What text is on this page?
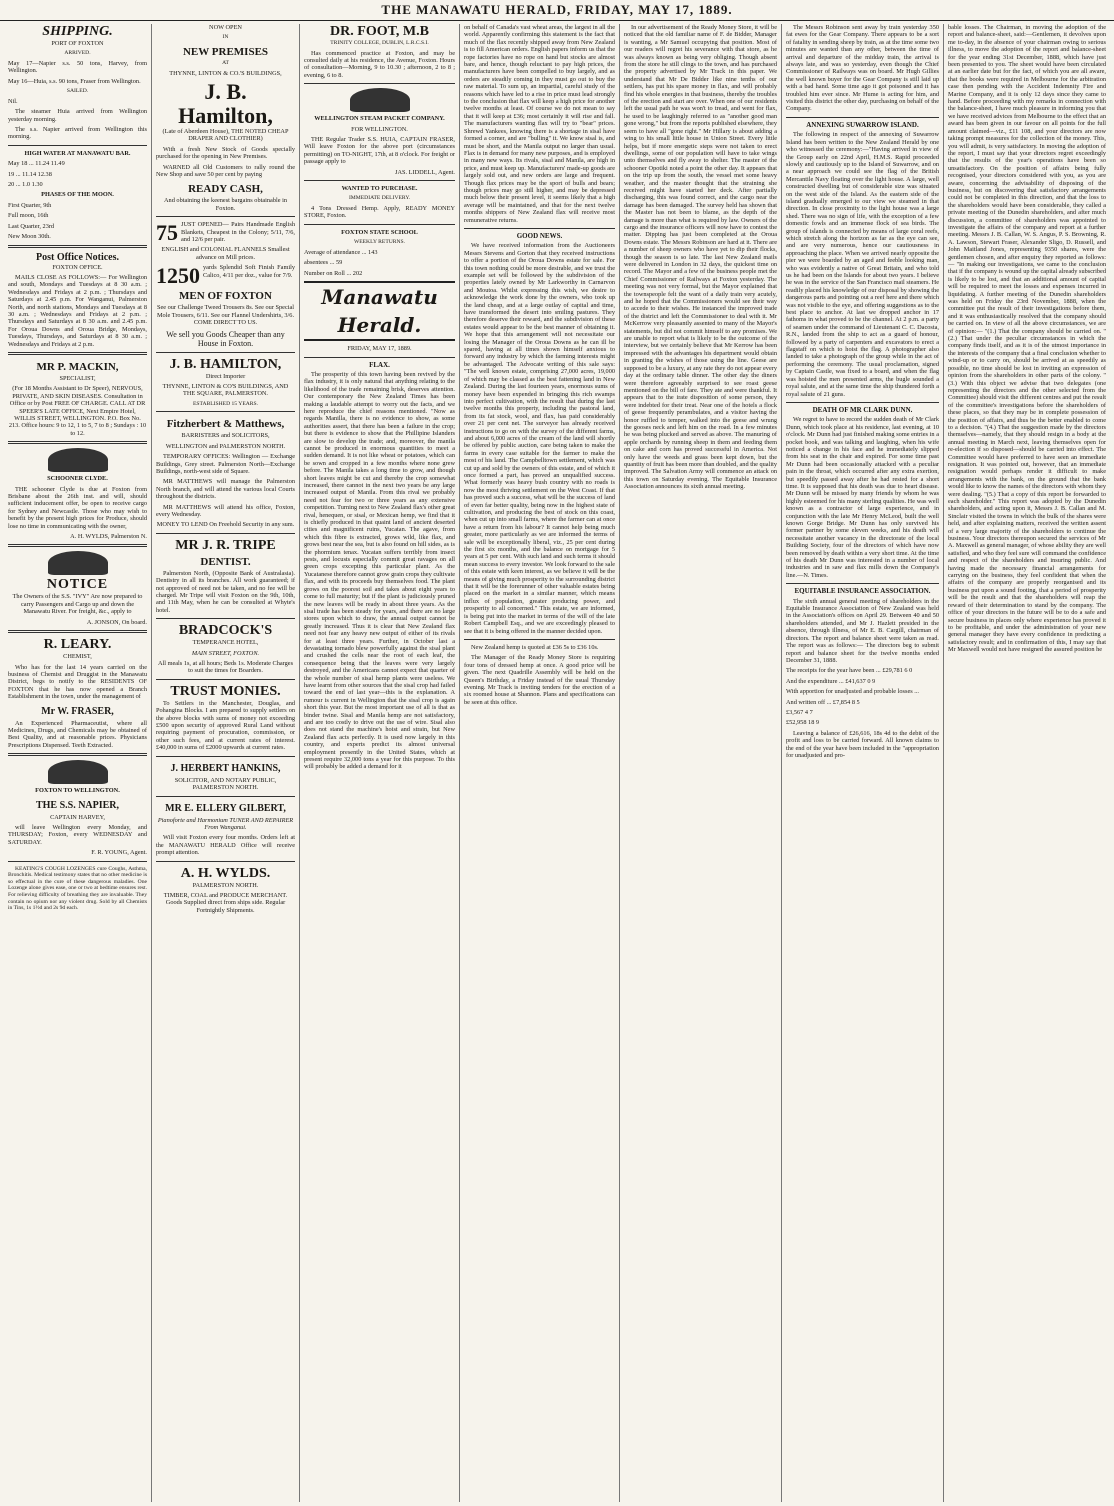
THE MANAWATU HERALD, FRIDAY, MAY 17, 1889.
SHIPPING.

PORT OF FOXTON

ARRIVED.

May 17—Napier s.s. 50 tons, Harvey, from Wellington.

May 16—Huia, s.s. 90 tons, Fraser from Wellington.

SAILED.

Nil.

The steamer Huia arrived from Wellington yesterday morning.

The s.s. Napier arrived from Wellington this morning.

HIGH WATER AT MANAWATU BAR.

May 18 ... 11.24 11.49

19 ... 11.14 12.38

20 ... 1.0 1.30

PHASES OF THE MOON.

First Quarter, 9th

Full moon, 16th

Last Quarter, 23rd

New Moon 30th.

Post Office Notices.

FOXTON OFFICE.

MAILS CLOSE AS FOLLOWS:— For Wellington and south, Mondays and Tuesdays at 8 30 a.m. ; Wednesdays and Fridays at 2 p.m. ; Thursdays and Saturdays at 2.45 p.m. For Wanganui, Palmerston North, and north stations, Mondays and Tuesdays at 8 30 a.m. ; Wednesdays and Fridays at 2 p.m. ; Thursdays and Saturdays at 8 30 a.m. and 2.45 p.m. For Oroua Downs and Oroua Bridge, Mondays, Tuesdays, Thursdays, and Saturdays at 8 30 a.m. ; Wednesdays and Fridays at 2 p.m.

MR P. MACKIN,

SPECIALIST,

(For 18 Months Assistant to Dr Speer), NERVOUS, PRIVATE, AND SKIN DISEASES. Consultation in Office or by Post FREE OF CHARGE. CALL AT DR SPEER'S LATE OFFICE, Next Empire Hotel, WILLIS STREET, WELLINGTON. P.O. Box No. 213. Office hours: 9 to 12, 1 to 5, 7 to 8 ; Sundays : 10 to 12.

SCHOONER CLYDE.

THE schooner Clyde is due at Foxton from Brisbane about the 26th inst. and will, should sufficient inducement offer, be open to receive cargo for Sydney and Newcastle. Those who may wish to benefit by the present high prices for Produce, should lose no time in communicating with the owner,

A. H. WYLDS, Palmerston N.

NOTICE

The Owners of the S.S. "IVY" Are now prepared to carry Passengers and Cargo up and down the Manawatu River. For freight, &c., apply to

A. JONSON, On board.

R. LEARY.

CHEMIST,

Who has for the last 14 years carried on the business of Chemist and Druggist in the Manawatu District, begs to notify to the RESIDENTS OF FOXTON that he has now opened a Branch Establishment in the town, under the management of

Mr W. FRASER,

An Experienced Pharmaceutist, where all Medicines, Drugs, and Chemicals may be obtained of Best Quality, and at reasonable prices. Physicians Prescriptions Dispensed. Teeth Extracted.

FOXTON TO WELLINGTON.

THE S.S. NAPIER,

CAPTAIN HARVEY,

will leave Wellington every Monday, and THURSDAY; Foxton, every WEDNESDAY and SATURDAY.

F. R. YOUNG, Agent.

KEATING'S COUGH LOZENGES cure Coughs, Asthma, Bronchitis. Medical testimony states that no other medicine is so effectual in the cure of these dangerous maladies. One Lozenge alone gives ease, one or two at bedtime ensures rest. For relieving difficulty of breathing they are invaluable. They contain no opium nor any violent drug. Sold by all Chemists in Tins, 1s 1½d and 2s 9d each.

NOW OPEN

IN

NEW PREMISES

AT

THYNNE, LINTON & CO.'S BUILDINGS,

J. B. Hamilton,

(Late of Aberdeen House), THE NOTED CHEAP DRAPER AND CLOTHIER)

With a fresh New Stock of Goods specially purchased for the opening in New Premises.

WARNED all Old Customers to rally round the New Shop and save 50 per cent by paying

READY CASH,

And obtaining the keenest bargains obtainable in Foxton.

75 JUST OPENED— Pairs Handmade English Blankets, Cheapest in the Colony; 5/11, 7/6, and 12/6 per pair.

ENGLISH and COLONIAL FLANNELS Smallest advance on Mill prices.

1250 yards Splendid Soft Finish Family Calico, 4/11 per doz., value for 7/9.

MEN OF FOXTON

See our Challenge Tweed Trousers 8s. See our Special Mole Trousers, 6/11. See our Flannel Undershirts, 3/6. COME DIRECT TO US.

We sell you Goods Cheaper than any House in Foxton.

J. B. HAMILTON,

Direct Importer

THYNNE, LINTON & CO'S BUILDINGS, AND THE SQUARE, PALMERSTON.

ESTABLISHED 15 YEARS.

Fitzherbert & Matthews,

BARRISTERS and SOLICITORS,

WELLINGTON and PALMERSTON NORTH.

TEMPORARY OFFICES: Wellington — Exchange Buildings, Grey street. Palmerston North—Exchange Buildings, north-west side of Square.

MR MATTHEWS will manage the Palmerston North branch, and will attend the various local Courts throughout the districts.

MR MATTHEWS will attend his office, Foxton, every Wednesday.

MONEY TO LEND On Freehold Security in any sum.

MR J. R. TRIPE
DENTIST.

Palmerston North, (Opposite Bank of Australasia). Dentistry in all its branches. All work guaranteed; if not approved of need not be taken, and no fee will be charged. Mr Tripe will visit Foxton on the 9th, 10th, and 11th May, when he can be consulted at Whyte's hotel.

BRADCOCK'S

TEMPERANCE HOTEL,

MAIN STREET, FOXTON.

All meals 1s, at all hours; Beds 1s. Moderate Charges to suit the times for Boarders.

TRUST MONIES.

To Settlers in the Manchester, Douglas, and Pohangina Blocks. I am prepared to supply settlers on the above blocks with sums of money not exceeding £500 upon security of approved Rural Land without requiring payment of procuration, commission, or other such fees, and at current rates of interest. £40,000 in sums of £2000 upwards at current rates.

J. HERBERT HANKINS,

SOLICITOR, AND NOTARY PUBLIC, PALMERSTON NORTH.

MR E. ELLERY GILBERT,

Pianoforte and Harmonium TUNER AND REPAIRER From Wanganui.

Will visit Foxton every four months. Orders left at the MANAWATU HERALD Office will receive prompt attention.

A. H. WYLDS.

PALMERSTON NORTH.

TIMBER, COAL and PRODUCE MERCHANT. Goods Supplied direct from ships side. Regular Fortnightly Shipments.

DR. FOOT, M.B

TRINITY COLLEGE, DUBLIN, L.R.C.S.I.

Has commenced practice at Foxton, and may be consulted daily at his residence, the Avenue, Foxton. Hours of consultation—Morning, 9 to 10.30 ; afternoon, 2 to 8 ; evening, 6 to 8.

WELLINGTON STEAM PACKET COMPANY.

FOR WELLINGTON.

THE Regular Trader S.S. HUIA, CAPTAIN FRASER, Will leave Foxton for the above port (circumstances permitting) on TO-NIGHT, 17th, at 8 o'clock. For freight or passage apply to

JAS. LIDDELL, Agent.

WANTED TO PURCHASE.

IMMEDIATE DELIVERY.

4 Tons Dressed Hemp. Apply, READY MONEY STORE, Foxton.

FOXTON STATE SCHOOL

WEEKLY RETURNS.

Average of attendance ... 143

absentees ... 59

Number on Roll ... 202

Manawatu Herald.

FRIDAY, MAY 17, 1889.

FLAX.

The prosperity of this town having been revived by the flax industry, it is only natural that anything relating to the likelihood of the trade remaining brisk, deserves attention. Our contemporary the New Zealand Times has been making a laudable attempt to worry out the facts, and we here reproduce the chief reasons mentioned. "Now as regards Manilla, there is no evidence to show, as some authorities assert, that there has been a failure in the crop; but there is evidence to show that the Phillipine Islanders are slow to develop the trade; and, moreover, the manila cannot be produced in enormous quantities to meet a sudden demand. It is not like wheat or potatoes, which can be sown and cropped in a few months where none grew before. The Manila takes a long time to grow, and though short leaves might be cut and thereby the crop somewhat increased, there cannot in the next two years be any large increased output of Manila. From this rival we probably need not fear for two or three years as any extensive competition. Turning next to New Zealand flax's other great rival, henequen, or sisal, or Mexican hemp, we find that it is chiefly produced in that quaint land of ancient deserted cities and magnificent ruins, Yucatan. The agave, from which this fibre is extracted, grows wild, like flax, and grows best near the sea, but is also found on hill sides, as is the phormium tenax. Yucatan suffers terribly from insect pests, and locusts especially commit great ravages on all green crops excepting this particular plant. As the Yucatanese therefore cannot grow grain crops they cultivate flax, and with its proceeds buy themselves food. The plant grows on the poorest soil and takes about eight years to come to full maturity; but if the plant is judiciously pruned the new leaves will be ready in about three years. As the sisal trade has been steady for years, and there are no large stores upon which to draw, the annual output cannot be greatly increased. Thus it is clear that New Zealand flax need not fear any heavy new output of either of its rivals for at least three years. Further, in October last a devastating tornado blew powerfully against the sisal plant and crushed the cells near the root of each leaf, the consequence being that the leaves were very largely destroyed, and the Americans cannot expect that quarter of the whole number of sisal hemp plants were useless. We have learnt from other sources that the sisal crop had failed toward the end of last year—this is the explanation. A rumour is current in Wellington that the sisal crop is again short this year. But the most important use of all is that as binder twine. Sisal and Manila hemp are not satisfactory, and are too costly to drive out the use of wire. Sisal also does not stand the machine's hoist and strain, but New Zealand flax acts perfectly. It is used now largely in this country, and experts predict its almost universal employment presently in the United States, which at present require 32,000 tons a year for this purpose. To this will probably be added a demand for it

on behalf of Canada's vast wheat areas, the largest in all the world. Apparently confirming this statement is the fact that much of the flax recently shipped away from New Zealand is to fill American orders. English papers inform us that the rope factories have no rope on hand but stocks are almost bare, and hence, though reluctant to pay high prices, the manufacturers have been compelled to buy largely, and as orders are steadily coming in they must go out to buy the raw material. To sum up, an impartial, careful study of the reasons which have led to a rise in price must lead strongly to the conclusion that flax will keep a high price for another twelve months at least. Of course we do not mean to say that it will keep at £36; most certainly it will rise and fall. The manufacturers wanting flax will try to "bear" prices. Shrewd Yankees, knowing there is a shortage in sisal have formed a corner, and are "bulling" it. We know sisal is, and must be short, and the Manila output no larger than usual. Flax is in demand for many new purposes, and is employed in many new ways. Its rivals, sisal and Manila, are high in price, and must keep up. Manufacturers' made-up goods are largely sold out, and new orders are large and frequent. Though flax prices may be the sport of bulls and bears; though prices may go still higher, and may be depressed much below their present level, it seems likely that a high average will be maintained, and that for the next twelve months shippers of New Zealand flax will receive most remunerative returns.

GOOD NEWS.

We have received information from the Auctioneers Messrs Stevens and Gorton that they received instructions to offer a portion of the Oroua Downs estate for sale. For this town nothing could be more desirable, and we trust the example set will be followed by the subdivision of the properties lately owned by Mr Larkworthy in Carnarvon and Moutoa. Whilst expressing this wish, we desire to acknowledge the work done by the owners, who took up the land cheap, and at a large outlay of capital and time, have transformed the desert into smiling pastures. They therefore deserve their reward, and the subdivision of these estates would appear to be the best manner of obtaining it. We hope that this arrangement will not necessitate our losing the Manager of the Oroua Downs as he can ill be spared, having at all times shown himself anxious to forward any industry by which the farming interests might be advantaged. The Advocate writing of this sale says: "The well known estate, comprising 27,000 acres, 19,000 of which may be classed as the best fattening land in New Zealand. During the last fourteen years, enormous sums of money have been expended in bringing this rich swamps into perfect cultivation, with the result that during the last twelve months this property, including the pastoral land, from its fat stock, wool, and flax, has paid considerably over 21 per cent net. The surveyor has already received instructions to go on with the survey of the different farms, and about 6,000 acres of the cream of the land will shortly be offered by public auction, care being taken to make the farms in every case suitable for the farmer to make the most of his land. The Campbelltown settlement, which was cut up and sold by the owners of this estate, and of which it once formed a part, has proved an unqualified success. What formerly was heavy bush country with no roads is now the most thriving settlement on the West Coast. If that has proved such a success, what will be the success of land of even far better quality, being now in the highest state of cultivation, and producing the best of stock on this coast, when cut up into small farms, where the farmer can at once have a return from his labour? It cannot help being much greater, more particularly as we are informed the terms of sale will be exceptionally liberal, viz., 25 per cent during the first six months, and the balance on mortgage for 5 years at 5 per cent. With such land and such terms it should mean success to every investor. We look forward to the sale of this estate with keen interest, as we believe it will be the means of giving much prosperity to the surrounding district that it will be the forerunner of other valuable estates being placed on the market in a similar manner, which means influx of population, greater producing power, and prosperity to all concerned." This estate, we are informed, is being put into the market in terms of the will of the late Robert Campbell Esq., and we are exceedingly pleased to see that it is being offered in the manner decided upon.

New Zealand hemp is quoted at £36 5s to £36 10s.

The Manager of the Ready Money Store is requiring four tons of dressed hemp at once. A good price will be given. The next Quadrille Assembly will be held on the Queen's Birthday, a Friday instead of the usual Thursday evening. Mr Track is inviting tenders for the erection of a six roomed house at Shannon. Plans and specifications can be seen at this office.

In our advertisement of the Ready Money Store, it will be noticed that the old familiar name of F. de Bidder, Manager is wanting, a Mr Samuel occupying that position. Most of our readers will regret his severance with that store, as he was always known as being very obliging. Though absent from the store he still clings to the town, and has purchased the property advertised by Mr Track in this paper. We understand that Mr De Bidder like nine tenths of our settlers, has put his spare money in flax, and will probably find his whole energies in that business, thereby the troubles of the erection and start are over. When one of our residents left the usual path he was won't to tread, and went for flax, he used to be laughingly referred to as "another good man gone wrong," but from the reports published elsewhere, they seem to have all "gone right." Mr Hillary is about adding a wing to his small little house in Union Street. Every little helps, but if more energetic steps were not taken to erect dwellings, some of our population will have to take wings unto themselves and fly away to shelter. The master of the schooner Opotiki noted a point the other day. It appears that on the trip up from the south, the vessel met some heavy weather, and the master thought that the straining she received might have started her deck. After partially discharging, this was found correct, and the cargo near the damage has been damaged. The survey held has shown that the Master has not been to blame, as the depth of the damage is more than what is required by law. Owners of the cargo and the insurance officers will now have to contest the matter. Dipping has just been completed at the Oroua Downs estate. The Messrs Robinson are hard at it. There are a number of sheep owners who have yet to dip their flocks, though the season is so late. The last New Zealand mails were delivered in London in 32 days, the quickest time on record. The Mayor and a few of the business people met the Chief Commissioner of Railways at Foxton yesterday. The meeting was not very formal, but the Mayor explained that the townspeople felt the want of a daily train very acutely, and he hoped that the Commissioners would see their way to accede to their wishes. He instanced the improved trade of the district and left the Commissioner to deal with it. Mr McKerrow very pleasantly assented to many of the Mayor's statements, but did not commit himself to any promises. We are unable to report what is likely to be the outcome of the interview, but we certainly believe that Mr Kerrow has been impressed with the advantages his department would obtain in granting the wishes of those using the line. Geese are supposed to be a luxury, at any rate they do not appear every day at the ordinary table dinner. The other day the diners were therefore agreeably surprised to see roast geese mentioned on the bill of fare. They ate and were thankful. It appears that to the irate disposition of some person, they were indebted for their treat. Near one of the hotels a flock of geese frequently perambulates, and a visitor having the honor ruffled to temper, walked into the geese and wrung the gooses neck and left him on the road. In a few minutes he was being plucked and served as above. The manuring of apple orchards by running sheep in them and feeding them on cake and corn has proved successful in America. Not only have the weeds and grass been kept down, but the quantity of fruit has been more than doubled, and the quality improved. The Salvation Army will commence an attack on this town on Saturday evening. The Equitable Insurance Association announces its sixth annual meeting.

The Messrs Robinson sent away by train yesterday 350 fat ewes for the Gear Company. There appears to be a sort of fatality in sending sheep by train, as at the time some two minutes are wanted than any other, between the time of arrival and departure of the midday train, the arrival is always late, and was so yesterday, even though the Chief Commissioner of Railways was on board. Mr Hugh Gillies the well known buyer for the Gear Company is still laid up with a bad hand. Some time ago it got poisoned and it has troubled him ever since. Mr Hume is acting for him, and visited this district the other day, purchasing on behalf of the Company.

ANNEXING SUWARROW ISLAND.

The following in respect of the annexing of Suwarrow Island has been written to the New Zealand Herald by one who witnessed the ceremony:—"Having arrived in view of the Group early on 22nd April, H.M.S. Rapid proceeded slowly and cautiously up to the Island of Suwarrow, and on a near approach we could see the flag of the British Mercantile Navy floating over the light house. A large, well constructed dwelling but of considerable size was situated on the west side of the Island. As the eastern side of the island gradually emerged to our view we steamed in that direction. In close proximity to the light house was a large shed. There was no sign of life, with the exception of a few domestic fowls and an immense flock of sea birds. The group of islands is connected by means of large coral reefs, which stretch along the horizon as far as the eye can see, and are very numerous, hence our cautiousness in approaching the place. When we arrived nearly opposite the pier we were boarded by an aged and feeble looking man, who was evidently a native of Great Britain, and who told us he had been on the Islands for about two years. I believe he was in the service of the San Francisco mail steamers. He readily placed his knowledge of our disposal by showing the dangerous parts and pointing out a reef here and there which was not visible to the eye, and offering suggestions as to the best place to anchor. At last we dropped anchor in 17 fathoms in what proved to be the channel. At 2 p.m. a party of seamen under the command of Lieutenant C. C. Dacosta, R.N., landed from the ship to act as a guard of honour, followed by a party of carpenters and excavators to erect a flagstaff on which to hoist the flag. A photographer also landed to take a photograph of the group while in the act of performing the ceremony. The usual proclamation, signed by Captain Castle, was fixed to a board, and when the flag was hoisted the men presented arms, the bugle sounded a royal salute, and at the same time the ship thundered forth a royal salute of 21 guns.

DEATH OF MR CLARK DUNN.

We regret to have to record the sudden death of Mr Clark Dunn, which took place at his residence, last evening, at 10 o'clock. Mr Dunn had just finished making some entries in a pocket book, and was talking and laughing, when his wife noticed a change in his face and he immediately slipped from his seat in the chair and expired. For some time past Mr Dunn had been occasionally attacked with a peculiar pain in the throat, which occurred after any extra exertion, but speedily passed away after he had rested for a short time. It is supposed that his death was due to heart disease. Mr Dunn will be missed by many friends by whom he was highly esteemed for his many sterling qualities. He was well known as a contractor of large experience, and in conjunction with the late Mr Henry McLeod, built the well known Gorge Bridge. Mr Dunn has only survived his former partner by some eleven weeks, and his death will necessitate another vacancy in the directorate of the local Building Society, four of the directors of which have now been removed by death within a very short time. At the time of his death Mr Dunn was interested in a number of local industries and in saw and flax mills down the Company's line.—N. Times.

EQUITABLE INSURANCE ASSOCIATION.

The sixth annual general meeting of shareholders in the Equitable Insurance Association of New Zealand was held in the Association's offices on April 29. Between 40 and 50 shareholders attended, and Mr J. Hazlett presided in the absence, through illness, of Mr E. B. Cargill, chairman of directors. The report and balance sheet were taken as read. The report was as follows:— The directors beg to submit report and balance sheet for the twelve months ended December 31, 1888.

The receipts for the year have been ... £29,781 6 0

And the expenditure ... £41,637 0 9

With apportion for unadjusted and probable losses ...

And written off ... £7,854 8 5

£3,567 4 7

£52,958 18 9

Leaving a balance of £26,616, 18s 4d to the debit of the profit and loss to be carried forward. All known claims to the end of the year have been included in the "appropriation for unadjusted and pro-

bable losses. The Chairman, in moving the adoption of the report and balance-sheet, said:—Gentlemen, it devolves upon me to-day, in the absence of your chairman owing to serious illness, to move the adoption of the report and balance-sheet for the year ending 31st December, 1888, which have just been presented to you. The sheet would have been circulated at an earlier date but for the fact, of which you are all aware, that the books were required in Melbourne for the arbitration case then pending with the Accident Indemnity Fire and Marine Company, and it is only 12 days since they came to hand. Before proceeding with my remarks in connection with the balance-sheet, I have much pleasure in informing you that we have received advices from Melbourne to the effect that an award has been given in our favour on all points for the full amount claimed—viz., £11 108, and your directors are now taking prompt measures for the collection of the money. This, you will admit, is very satisfactory. In moving the adoption of the report, I must say that your directors regret exceedingly that the results of the year's operations have been so unsatisfactory. On the position of affairs being fully recognised, your directors considered with you, as you are aware, concerning the advisability of disposing of the business, but on discovering that satisfactory arrangements could not be completed in this direction, and that the loss to the shareholders would have been considerable, they called a private meeting of the Dunedin shareholders, and after much discussion, a committee of shareholders was appointed to investigate the affairs of the company and report at a further meeting. Messrs J. B. Callan, W. S. Angus, P. S. Browning, R. A. Lawson, Stewart Fraser, Alexander Sligo, D. Russell, and John Maitland Jones, representing 9350 shares, were the gentlemen chosen, and after enquiry they reported as follows:— "In making our investigations, we came to the conclusion that if the company is wound up the capital already subscribed is likely to be lost, and that an additional amount of capital will be required to meet the losses and expenses incurred in liquidating. A further meeting of the Dunedin shareholders was held on Friday the 23rd November, 1888, when the committee put the result of their investigations before them, and it was enthusiastically resolved that the company should be carried on. In view of all the above circumstances, we are of opinion:— "(1.) That the company should be carried on. "(2.) That under the peculiar circumstances in which the company finds itself, and as it is of the utmost importance in the interests of the company that a final conclusion whether to wind-up or to carry on, should be arrived at as speedily as possible, no time should be lost in inviting an expression of opinion from the shareholders in other parts of the colony. "(3.) With this object we advise that two delegates (one representing the directors and the other selected from the Committee) should visit the different centres and put the result of the committee's investigations before the shareholders of these places, so that they may be in complete possession of the position of affairs, and thus be the better enabled to come to a decision. "(4.) That the suggestion made by the directors themselves—namely, that they should resign in a body at the annual meeting in March next, leaving themselves open for re-election if so disposed—should be carried into effect. The Committee would have preferred to have seen an immediate resignation. It was pointed out, however, that an immediate resignation would perhaps render it difficult to make arrangements with the bank, on the ground that the bank would like to know the names of the directors with whom they were dealing. "(5.) That a copy of this report be forwarded to each shareholder." This report was adopted by the Dunedin shareholders, and acting upon it, Messrs J. B. Callan and M. Sinclair visited the towns in which the bulk of the shares were held, and after explaining matters, received the written assent of a very large majority of the shareholders to continue the business. Your directors thereupon secured the services of Mr A. Maxwell as general manager, of whose ability they are well satisfied, and who they feel sure will command the confidence and respect of the shareholders and insuring public. And having made the necessary financial arrangements for carrying on the business, they feel confident that when the affairs of the company are properly reorganised and its business put upon a sound footing, that a period of prosperity will be the result and that the shareholders will reap the reward of their determination to stand by the company. The office of your directors in the future will be to do a safe and secure business in places only where experience has proved it to be profitable, and under the administration of your new general manager they have every confidence in predicting a satisfactory result; and in confirmation of this, I may say that Mr Maxwell would not have resigned the assured position he
